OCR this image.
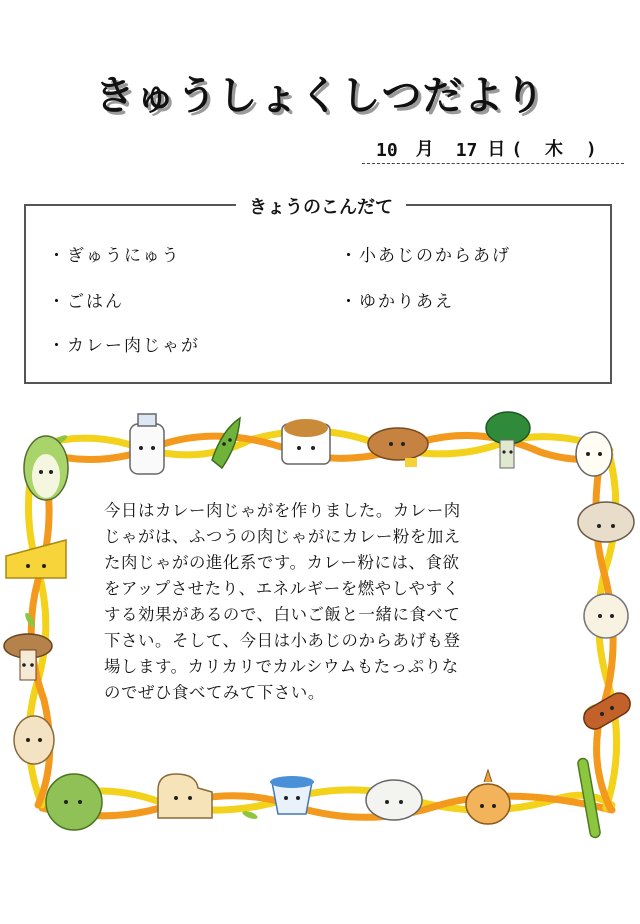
きゅうしょくしつだより
10 月 17 日 ( 木 )
きょうのこんだて
・ぎゅうにゅう
・ごはん
・カレー肉じゃが
・小あじのからあげ
・ゆかりあえ
今日はカレー肉じゃがを作りました。カレー肉
じゃがは、ふつうの肉じゃがにカレー粉を加え
た肉じゃがの進化系です。カレー粉には、食欲
をアップさせたり、エネルギーを燃やしやすく
する効果があるので、白いご飯と一緒に食べて
下さい。そして、今日は小あじのからあげも登
場します。カリカリでカルシウムもたっぷりな
のでぜひ食べてみて下さい。
